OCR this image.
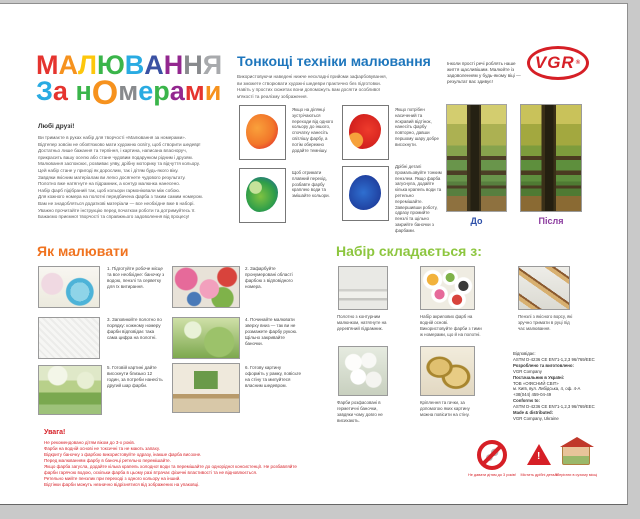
МАЛЮВАННЯ
За нОмерами
Любі друзі!
Ви тримаєте в руках набір для творчості «Малювання за номерами».
Відтепер зовсім не обов'язково мати художню освіту, щоб створити шедевр!
Достатньо лише бажання та терпіння, і картина, написана власноруч,
прикрасить вашу оселю або стане чудовим подарунком рідним і друзям.
Малювання заспокоює, розвиває уяву, дрібну моторику та відчуття кольору.
Цей набір стане у пригоді як дорослим, так і дітям будь-якого віку.
Завдяки якісним матеріалам ви легко досягнете чудового результату.
Полотно вже натягнуте на підрамник, а контур малюнка нанесено.
Набір фарб підібраний так, щоб кольори гармоніювали між собою.
Для кожного номера на полотні передбачена фарба з таким самим номером.
Вам не знадобляться додаткові матеріали — все необхідне вже в наборі.
Уважно прочитайте інструкцію перед початком роботи та дотримуйтесь її.
Бажаємо приємної творчості та справжнього задоволення від процесу!
Тонкощі техніки малювання
Використовуючи наведені нижче нескладні прийоми зафарбовування,
ви зможете створювати художні шедеври практично без підготовки.
Навіть у простих сюжетах вони допоможуть вам досягти особливої
м'якості та реалізму зображення.
Якщо на ділянці зустрічаються переходи від одного кольору до іншого, спочатку нанесіть світлішу фарбу, а потім обережно додайте темнішу.
Якщо потрібен насичений та яскравий відтінок, нанесіть фарбу повторно, давши першому шару добре висохнути.
Щоб отримати плавний перехід, розбавте фарбу краплею води та змішайте кольори.
Дрібні деталі промальовуйте тонким пензлем. Якщо фарба загуснула, додайте кілька крапель води та ретельно перемішайте. Завершивши роботу, одразу промийте пензлі та щільно закрийте баночки з фарбами.
Інколи прості речі роблять наше життя щасливішим. Малюйте із задоволенням у будь-якому віці — результат вас здивує!
VGR ®
До	Після
Як малювати
1. Підготуйте робоче місце та все необхідне: баночку з водою, пензлі та серветку для їх витирання.
2. Зафарбуйте пронумеровані області фарбою з відповідного номера.
3. Заповнюйте полотно по порядку: кожному номеру фарби відповідає така сама цифра на полотні.
4. Починайте малювати зверху вниз — так ви не розмажете фарбу рукою. Щільно закривайте баночки.
5. Готовій картині дайте висохнути близько 12 годин, за потреби нанесіть другий шар фарби.
6. Готову картину оформіть у рамку, повісьте на стіну та милуйтеся власним шедевром.
Набір складається з:
Полотно з контурним малюнком, натягнуте на дерев'яний підрамник.
Набір акрилових фарб на водній основі. Використовуйте фарби з тими ж номерами, що й на полотні.
Пензлі з якісного ворсу, які зручно тримати в руці під час малювання.
Фарби розфасовані в герметичні баночки, завдяки чому довго не висихають.
Кріплення та гачки, за допомогою яких картину можна повісити на стіну.
Відповідає:
ASTM D-4236 CE EN71-1,2,3 96/769/EEC
Розроблено та виготовлено:
VGR Company
Постачальник в Україні:
ТОВ «ОФІСНИЙ СВІТ»
м. Київ, вул. Либідська, 4, оф. 4-А
+38(044) 459-04-49
Conforms to:
ASTM D-4236 CE EN71-1,2,3 96/769/EEC
Made & distributed:
VGR Company, Ukraine
Увага!
Не рекомендовано дітям віком до 3-х років.
Фарби на водній основі не токсичні та не мають запаху.
Відкриту баночку з фарбою використовуйте одразу, інакше фарба висохне.
Перед малюванням фарбу в баночці ретельно перемішайте.
Якщо фарба загусла, додайте кілька крапель холодної води та перемішайте до однорідної консистенції. Не розбавляйте
фарби гарячою водою, оскільки фарба в цьому разі втрачає фізичні властивості та не відновлюється.
Ретельно мийте пензлик при переході з одного кольору на інший.
Відтінки фарби можуть незначно відрізнятися від зображених на упаковці.
Не давати дітям до 3 років!
!
Містить дрібні деталі
Зберігати в сухому місці
